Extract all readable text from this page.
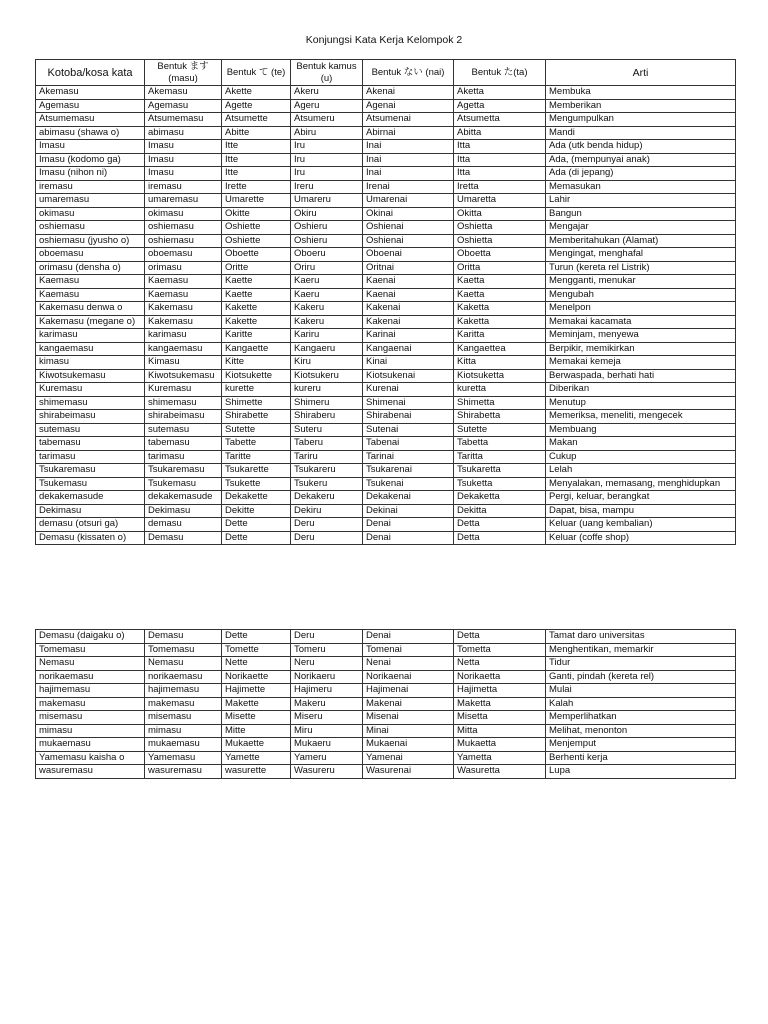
Konjungsi Kata Kerja Kelompok 2
Kotoba/kosa kata	Bentuk ます (masu)	Bentuk て (te)	Bentuk kamus (u)	Bentuk ない (nai)	Bentuk た(ta)	Arti
Akemasu	Akemasu	Akette	Akeru	Akenai	Aketta	Membuka
Agemasu	Agemasu	Agette	Ageru	Agenai	Agetta	Memberikan
Atsumemasu	Atsumemasu	Atsumette	Atsumeru	Atsumenai	Atsumetta	Mengumpulkan
abimasu (shawa o)	abimasu	Abitte	Abiru	Abirnai	Abitta	Mandi
Imasu	Imasu	Itte	Iru	Inai	Itta	Ada (utk benda hidup)
Imasu (kodomo ga)	Imasu	Itte	Iru	Inai	Itta	Ada, (mempunyai anak)
Imasu (nihon ni)	Imasu	Itte	Iru	Inai	Itta	Ada (di jepang)
iremasu	iremasu	Irette	Ireru	Irenai	Iretta	Memasukan
umaremasu	umaremasu	Umarette	Umareru	Umarenai	Umaretta	Lahir
okimasu	okimasu	Okitte	Okiru	Okinai	Okitta	Bangun
oshiemasu	oshiemasu	Oshiette	Oshieru	Oshienai	Oshietta	Mengajar
oshiemasu (jyusho o)	oshiemasu	Oshiette	Oshieru	Oshienai	Oshietta	Memberitahukan (Alamat)
oboemasu	oboemasu	Oboette	Oboeru	Oboenai	Oboetta	Mengingat, menghafal
orimasu (densha o)	orimasu	Oritte	Oriru	Oritnai	Oritta	Turun (kereta rel Listrik)
Kaemasu	Kaemasu	Kaette	Kaeru	Kaenai	Kaetta	Mengganti, menukar
Kaemasu	Kaemasu	Kaette	Kaeru	Kaenai	Kaetta	Mengubah
Kakemasu denwa o	Kakemasu	Kakette	Kakeru	Kakenai	Kaketta	Menelpon
Kakemasu (megane o)	Kakemasu	Kakette	Kakeru	Kakenai	Kaketta	Memakai kacamata
karimasu	karimasu	Karitte	Kariru	Karinai	Karitta	Meminjam, menyewa
kangaemasu	kangaemasu	Kangaette	Kangaeru	Kangaenai	Kangaettea	Berpikir, memikirkan
kimasu	Kimasu	Kitte	Kiru	Kinai	Kitta	Memakai kemeja
Kiwotsukemasu	Kiwotsukemasu	Kiotsukette	Kiotsukeru	Kiotsukenai	Kiotsuketta	Berwaspada, berhati hati
Kuremasu	Kuremasu	kurette	kureru	Kurenai	kuretta	Diberikan
shimemasu	shimemasu	Shimette	Shimeru	Shimenai	Shimetta	Menutup
shirabeimasu	shirabeimasu	Shirabette	Shiraberu	Shirabenai	Shirabetta	Memeriksa, meneliti, mengecek
sutemasu	sutemasu	Sutette	Suteru	Sutenai	Sutette	Membuang
tabemasu	tabemasu	Tabette	Taberu	Tabenai	Tabetta	Makan
tarimasu	tarimasu	Taritte	Tariru	Tarinai	Taritta	Cukup
Tsukaremasu	Tsukaremasu	Tsukarette	Tsukareru	Tsukarenai	Tsukaretta	Lelah
Tsukemasu	Tsukemasu	Tsukette	Tsukeru	Tsukenai	Tsuketta	Menyalakan, memasang, menghidupkan
dekakemasude	dekakemasude	Dekakette	Dekakeru	Dekakenai	Dekaketta	Pergi, keluar, berangkat
Dekimasu	Dekimasu	Dekitte	Dekiru	Dekinai	Dekitta	Dapat, bisa, mampu
demasu (otsuri ga)	demasu	Dette	Deru	Denai	Detta	Keluar (uang kembalian)
Demasu (kissaten o)	Demasu	Dette	Deru	Denai	Detta	Keluar (coffe shop)
Demasu (daigaku o)	Demasu	Dette	Deru	Denai	Detta	Tamat daro universitas
Tomemasu	Tomemasu	Tomette	Tomeru	Tomenai	Tometta	Menghentikan, memarkir
Nemasu	Nemasu	Nette	Neru	Nenai	Netta	Tidur
norikaemasu	norikaemasu	Norikaette	Norikaeru	Norikaenai	Norikaetta	Ganti, pindah (kereta rel)
hajimemasu	hajimemasu	Hajimette	Hajimeru	Hajimenai	Hajimetta	Mulai
makemasu	makemasu	Makette	Makeru	Makenai	Maketta	Kalah
misemasu	misemasu	Misette	Miseru	Misenai	Misetta	Memperlihatkan
mimasu	mimasu	Mitte	Miru	Minai	Mitta	Melihat, menonton
mukaemasu	mukaemasu	Mukaette	Mukaeru	Mukaenai	Mukaetta	Menjemput
Yamemasu kaisha o	Yamemasu	Yamette	Yameru	Yamenai	Yametta	Berhenti kerja
wasuremasu	wasuremasu	wasurette	Wasureru	Wasurenai	Wasuretta	Lupa
